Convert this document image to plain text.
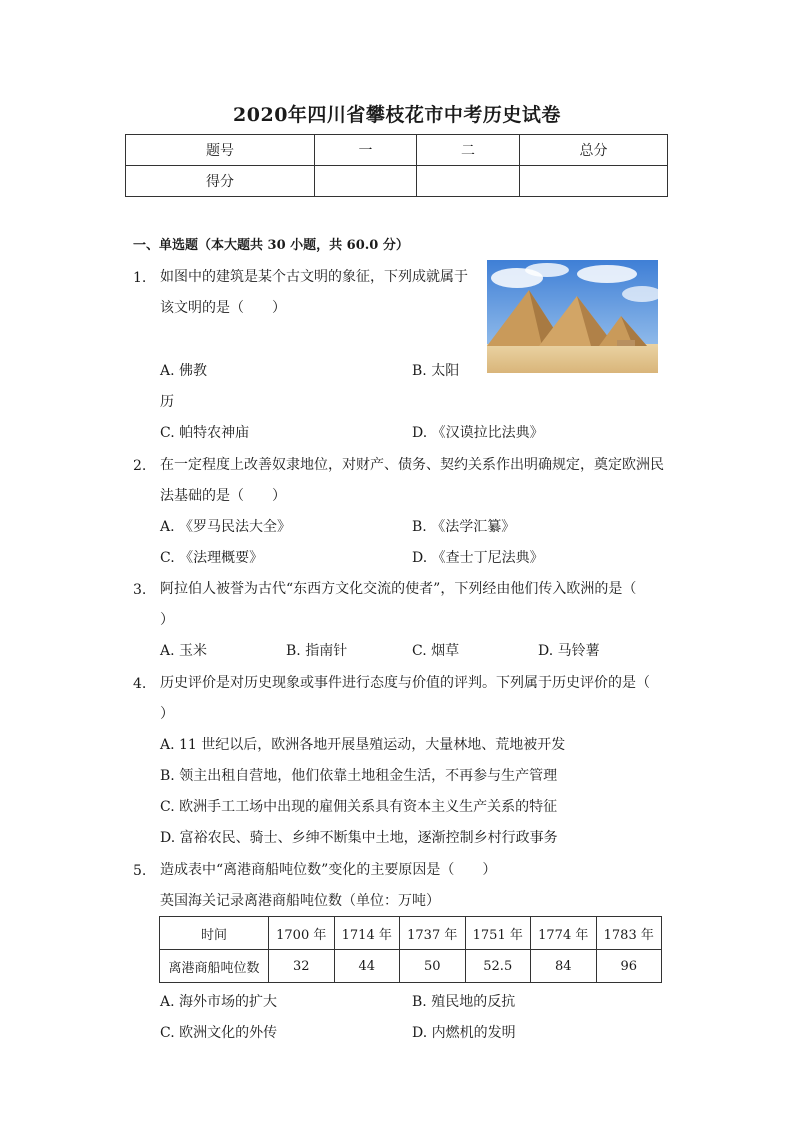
2020年四川省攀枝花市中考历史试卷
题号	一	二	总分
得分			
一、单选题（本大题共 30 小题，共 60.0 分）
1. 如图中的建筑是某个古文明的象征，下列成就属于
该文明的是（　　）
A. 佛教	B. 太阳
历
C. 帕特农神庙	D. 《汉谟拉比法典》
2. 在一定程度上改善奴隶地位，对财产、债务、契约关系作出明确规定，奠定欧洲民
法基础的是（　　）
A. 《罗马民法大全》	B. 《法学汇纂》
C. 《法理概要》	D. 《查士丁尼法典》
3. 阿拉伯人被誉为古代“东西方文化交流的使者”，下列经由他们传入欧洲的是（
）
A. 玉米	B. 指南针	C. 烟草	D. 马铃薯
4. 历史评价是对历史现象或事件进行态度与价值的评判。下列属于历史评价的是（
）
A. 11 世纪以后，欧洲各地开展垦殖运动，大量林地、荒地被开发
B. 领主出租自营地，他们依靠土地租金生活，不再参与生产管理
C. 欧洲手工工场中出现的雇佣关系具有资本主义生产关系的特征
D. 富裕农民、骑士、乡绅不断集中土地，逐渐控制乡村行政事务
5. 造成表中“离港商船吨位数”变化的主要原因是（　　）
英国海关记录离港商船吨位数（单位：万吨）
时间	1700 年	1714 年	1737 年	1751 年	1774 年	1783 年
离港商船吨位数	32	44	50	52.5	84	96
A. 海外市场的扩大	B. 殖民地的反抗
C. 欧洲文化的外传	D. 内燃机的发明
